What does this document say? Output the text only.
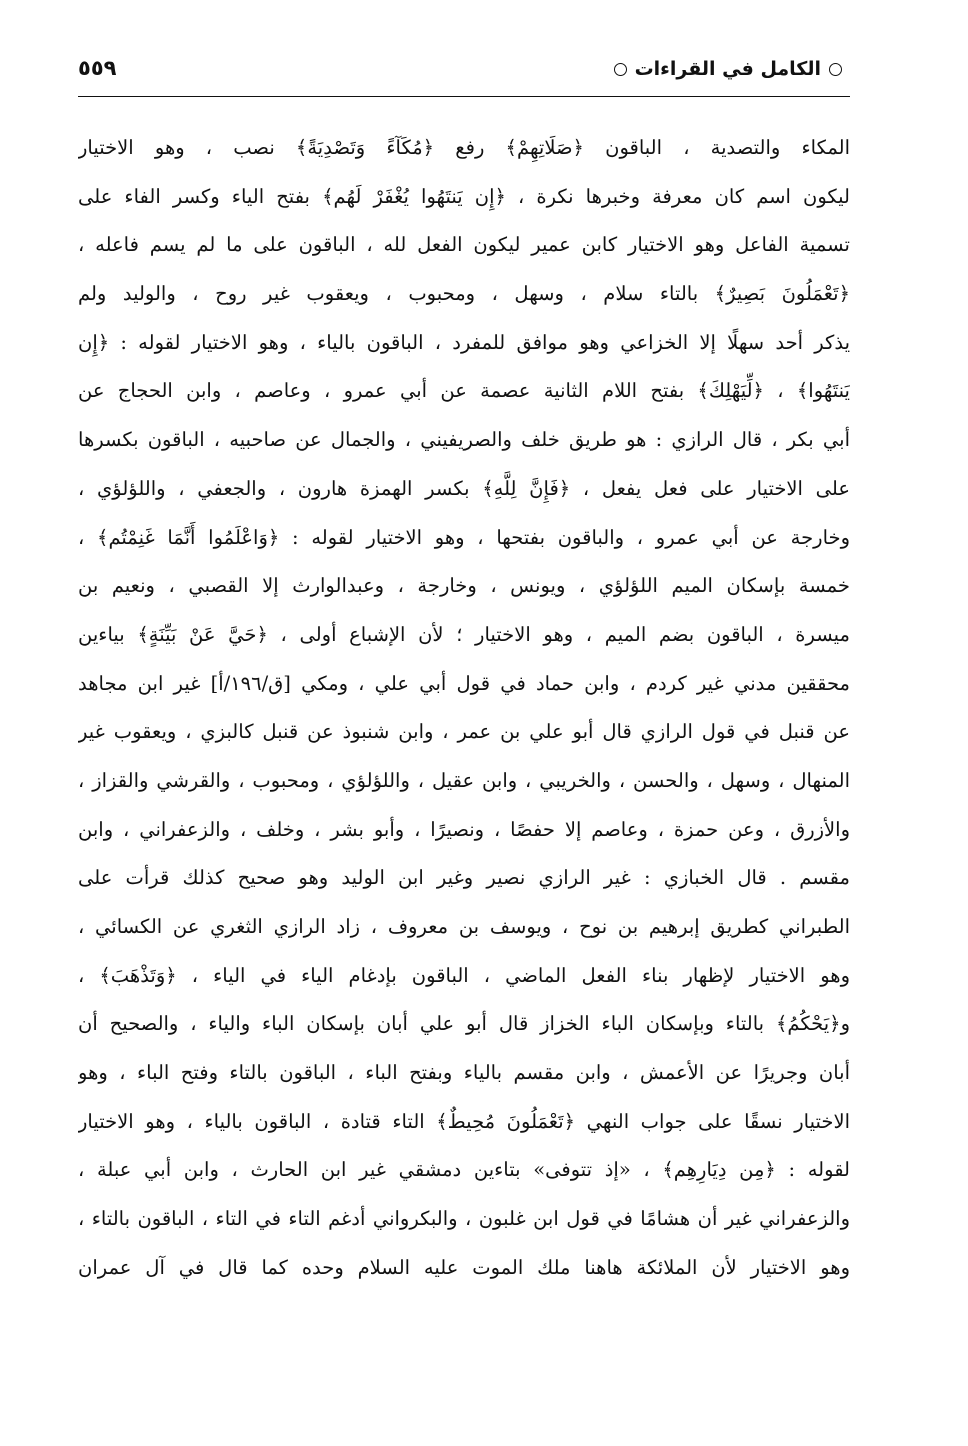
الكامل في القراءات
٥٥٩
المكاء والتصدية ، الباقون ﴿صَلَاتِهِمْ﴾ رفع ﴿مُكَآءً وَتَصْدِيَةً﴾ نصب ، وهو الاختيار
ليكون اسم كان معرفة وخبرها نكرة ، ﴿إِن يَنتَهُوا يُغْفَرْ لَهُم﴾ بفتح الياء وكسر الفاء على
تسمية الفاعل وهو الاختيار كابن عمير ليكون الفعل لله ، الباقون على ما لم يسم فاعله ،
﴿تَعْمَلُونَ بَصِيرٌ﴾ بالتاء سلام ، وسهل ، ومحبوب ، ويعقوب غير روح ، والوليد ولم
يذكر أحد سهلًا إلا الخزاعي وهو موافق للمفرد ، الباقون بالياء ، وهو الاختيار لقوله : ﴿إِن
يَنتَهُوا﴾ ، ﴿لِّيَهْلِكَ﴾ بفتح اللام الثانية عصمة عن أبي عمرو ، وعاصم ، وابن الحجاج عن
أبي بكر ، قال الرازي : هو طريق خلف والصريفيني ، والجمال عن صاحبيه ، الباقون بكسرها
على الاختيار على فعل يفعل ، ﴿فَإِنَّ لِلَّهِ﴾ بكسر الهمزة هارون ، والجعفي ، واللؤلؤي ،
وخارجة عن أبي عمرو ، والباقون بفتحها ، وهو الاختيار لقوله : ﴿وَاعْلَمُوا أَنَّمَا غَنِمْتُم﴾ ،
خمسة بإسكان الميم اللؤلؤي ، ويونس ، وخارجة ، وعبدالوارث إلا القصبي ، ونعيم بن
ميسرة ، الباقون بضم الميم ، وهو الاختيار ؛ لأن الإشباع أولى ، ﴿حَيَّ عَنْ بَيِّنَةٍ﴾ بياءين
محققين مدني غير كردم ، وابن حماد في قول أبي علي ، ومكي [ق/١٩٦/أ] غير ابن مجاهد
عن قنبل في قول الرازي قال أبو علي بن عمر ، وابن شنبوذ عن قنبل كالبزي ، ويعقوب غير
المنهال ، وسهل ، والحسن ، والخريبي ، وابن عقيل ، واللؤلؤي ، ومحبوب ، والقرشي والقزاز ،
والأزرق ، وعن حمزة ، وعاصم إلا حفصًا ، ونصيرًا ، وأبو بشر ، وخلف ، والزعفراني ، وابن
مقسم . قال الخبازي : غير الرازي نصير وغير ابن الوليد وهو صحيح كذلك قرأت على
الطبراني كطريق إبرهيم بن نوح ، ويوسف بن معروف ، زاد الرازي الثغري عن الكسائي ،
وهو الاختيار لإظهار بناء الفعل الماضي ، الباقون بإدغام الياء في الياء ، ﴿وَتَذْهَبَ﴾ ،
و﴿يَحْكُمُ﴾ بالتاء وبإسكان الباء الخزاز قال أبو علي أبان بإسكان الباء والياء ، والصحيح أن
أبان وجريرًا عن الأعمش ، وابن مقسم بالياء وبفتح الباء ، الباقون بالتاء وفتح الباء ، وهو
الاختيار نسقًا على جواب النهي ﴿تَعْمَلُونَ مُحِيطٌ﴾ التاء قتادة ، الباقون بالياء ، وهو الاختيار
لقوله : ﴿مِن دِيَارِهِم﴾ ، «إذ تتوفى» بتاءين دمشقي غير ابن الحارث ، وابن أبي عبلة ،
والزعفراني غير أن هشامًا في قول ابن غلبون ، والبكرواني أدغم التاء في التاء ، الباقون بالتاء ،
وهو الاختيار لأن الملائكة هاهنا ملك الموت عليه السلام وحده كما قال في آل عمران
